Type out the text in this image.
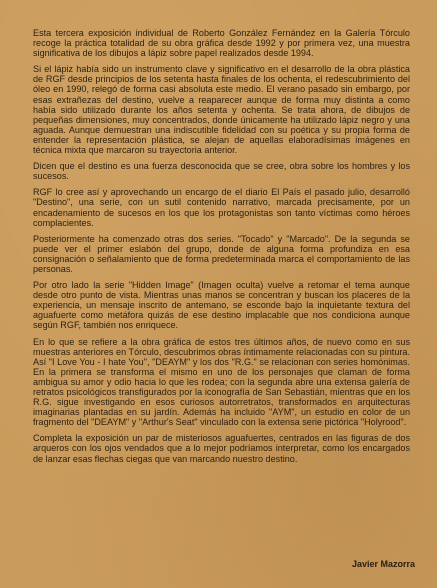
Esta tercera exposición individual de Roberto González Fernández en la Galería Tórculo recoge la práctica totalidad de su obra gráfica desde 1992 y por primera vez, una muestra significativa de los dibujos a lápiz sobre papel realizados desde 1994.

Si el lápiz había sido un instrumento clave y significativo en el desarrollo de la obra plástica de RGF desde principios de los setenta hasta finales de los ochenta, el redescubrimiento del óleo en 1990, relegó de forma casi absoluta este medio. El verano pasado sin embargo, por esas extrañezas del destino, vuelve a reaparecer aunque de forma muy distinta a como había sido utilizado durante los años setenta y ochenta. Se trata ahora, de dibujos de pequeñas dimensiones, muy concentrados, donde únicamente ha utilizado lápiz negro y una aguada. Aunque demuestran una indiscutible fidelidad con su poética y su propia forma de entender la representación plástica, se alejan de aquellas elaboradísimas imágenes en técnica mixta que marcaron su trayectoria anterior.

Dicen que el destino es una fuerza desconocida que se cree, obra sobre los hombres y los sucesos.

RGF lo cree así y aprovechando un encargo de el diario El País el pasado julio, desarrolló "Destino", una serie, con un sutil contenido narrativo, marcada precisamente, por un encadenamiento de sucesos en los que los protagonistas son tanto víctimas como héroes complacientes.

Posteriormente ha comenzado otras dos series. "Tocado" y "Marcado". De la segunda se puede ver el primer eslabón del grupo, donde de alguna forma profundiza en esa consignación o señalamiento que de forma predeterminada marca el comportamiento de las personas.

Por otro lado la serie "Hidden Image" (Imagen oculta) vuelve a retomar el tema aunque desde otro punto de vista. Mientras unas manos se concentran y buscan los placeres de la experiencia, un mensaje inscrito de antemano, se esconde bajo la inquietante textura del aguafuerte como metáfora quizás de ese destino implacable que nos condiciona aunque según RGF, también nos enriquece.

En lo que se refiere a la obra gráfica de estos tres últimos años, de nuevo como en sus muestras anteriores en Tórculo, descubrimos obras íntimamente relacionadas con su pintura. Así "I Love You - I hate You", "DEAYM" y los dos "R.G." se relacionan con series homónimas. En la primera se transforma el mismo en uno de los personajes que claman de forma ambigua su amor y odio hacia lo que les rodea; con la segunda abre una extensa galería de retratos psicológicos transfigurados por la iconografía de San Sebastián, mientras que en los R.G. sigue investigando en esos curiosos autorretratos, transformados en arquitecturas imaginarias plantadas en su jardín. Además ha incluido "AYM", un estudio en color de un fragmento del "DEAYM" y "Arthur's Seat" vinculado con la extensa serie pictórica "Holyrood".

Completa la exposición un par de misteriosos aguafuertes, centrados en las figuras de dos arqueros con los ojos vendados que a lo mejor podríamos interpretar, como los encargados de lanzar esas flechas ciegas que van marcando nuestro destino.

Javier Mazorra
